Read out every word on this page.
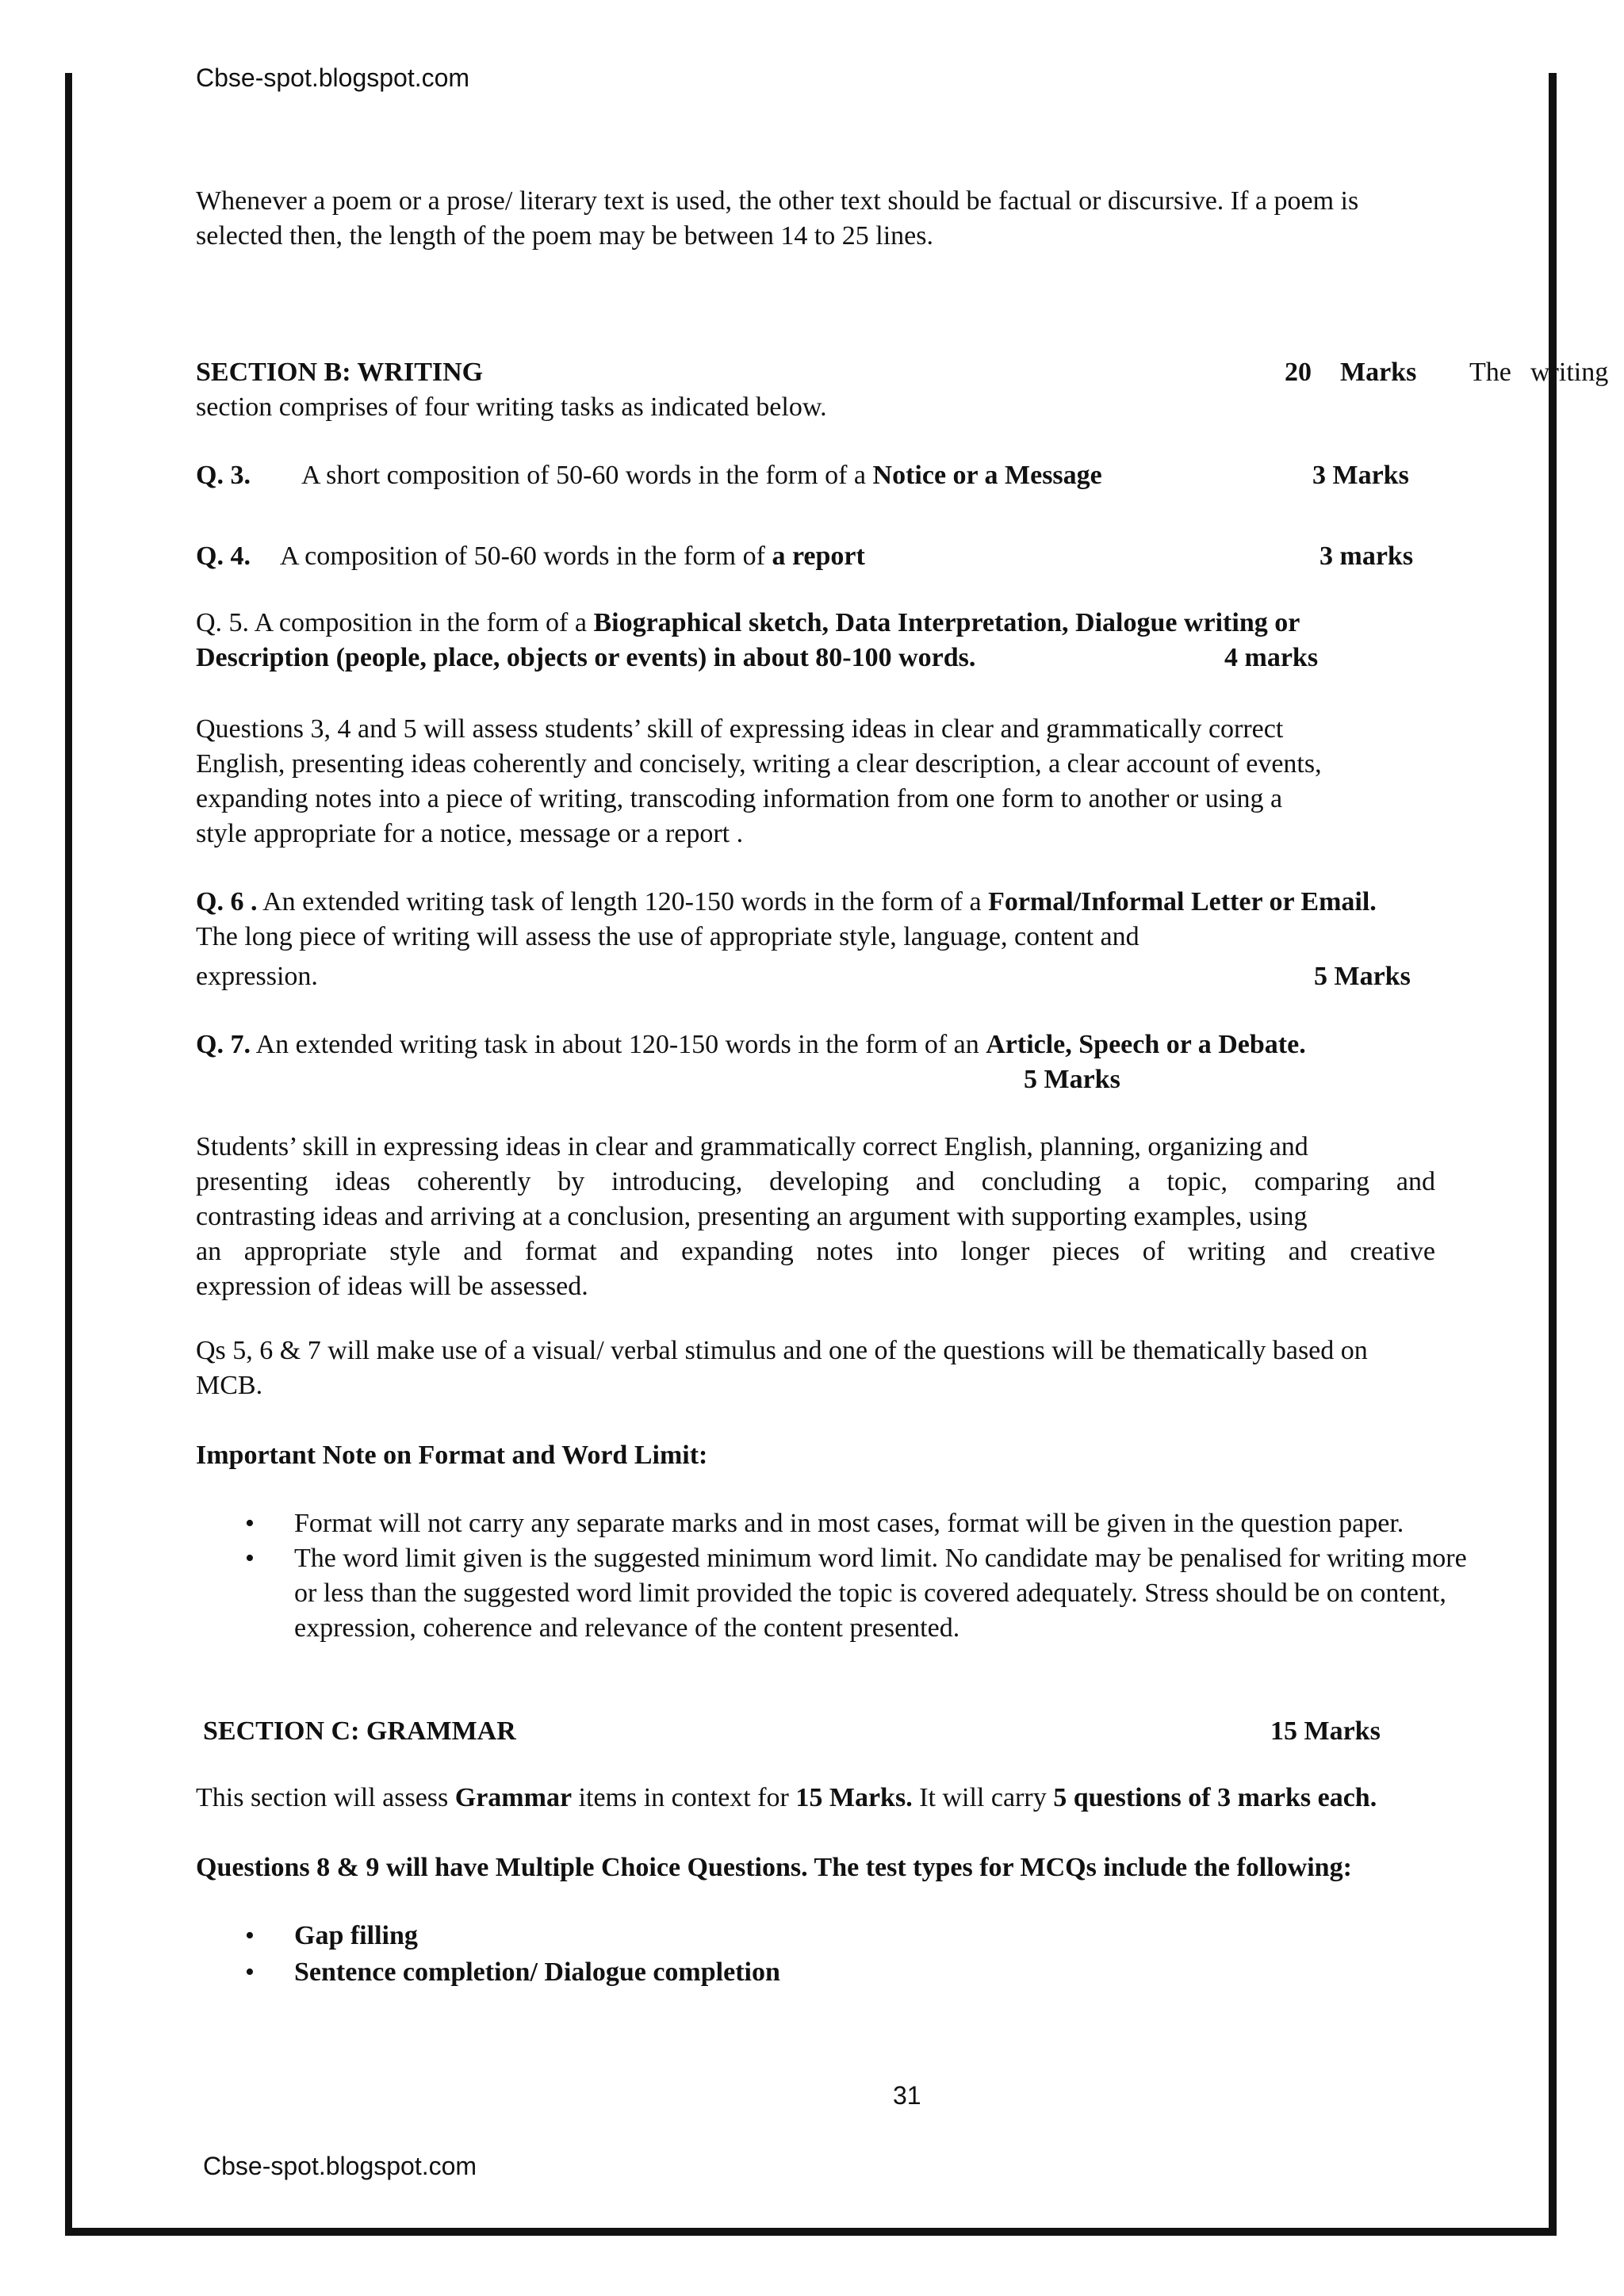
Cbse-spot.blogspot.com
Whenever a poem or a prose/ literary text is used, the other text should be factual or discursive. If a poem is
selected then, the length of the poem may be between 14 to 25 lines.
SECTION B: WRITING	20 Marks The writing
section comprises of four writing tasks as indicated below.
Q. 3. A short composition of 50-60 words in the form of a Notice or a Message	3 Marks
Q. 4. A composition of 50-60 words in the form of a report	3 marks
Q. 5. A composition in the form of a Biographical sketch, Data Interpretation, Dialogue writing or
Description (people, place, objects or events) in about 80-100 words.	4 marks
Questions 3, 4 and 5 will assess students’ skill of expressing ideas in clear and grammatically correct
English, presenting ideas coherently and concisely, writing a clear description, a clear account of events,
expanding notes into a piece of writing, transcoding information from one form to another or using a
style appropriate for a notice, message or a report .
Q. 6 . An extended writing task of length 120-150 words in the form of a Formal/Informal Letter or Email.
The long piece of writing will assess the use of appropriate style, language, content and
expression.	5 Marks
Q. 7. An extended writing task in about 120-150 words in the form of an Article, Speech or a Debate.
5 Marks
Students’ skill in expressing ideas in clear and grammatically correct English, planning, organizing and
presenting ideas coherently by introducing, developing and concluding a topic, comparing and
contrasting ideas and arriving at a conclusion, presenting an argument with supporting examples, using
an appropriate style and format and expanding notes into longer pieces of writing and creative
expression of ideas will be assessed.
Qs 5, 6 & 7 will make use of a visual/ verbal stimulus and one of the questions will be thematically based on
MCB.
Important Note on Format and Word Limit:
• Format will not carry any separate marks and in most cases, format will be given in the question paper.
• The word limit given is the suggested minimum word limit. No candidate may be penalised for writing more
or less than the suggested word limit provided the topic is covered adequately. Stress should be on content,
expression, coherence and relevance of the content presented.
SECTION C: GRAMMAR	15 Marks
This section will assess Grammar items in context for 15 Marks. It will carry 5 questions of 3 marks each.
Questions 8 & 9 will have Multiple Choice Questions. The test types for MCQs include the following:
• Gap filling
• Sentence completion/ Dialogue completion
31
Cbse-spot.blogspot.com
